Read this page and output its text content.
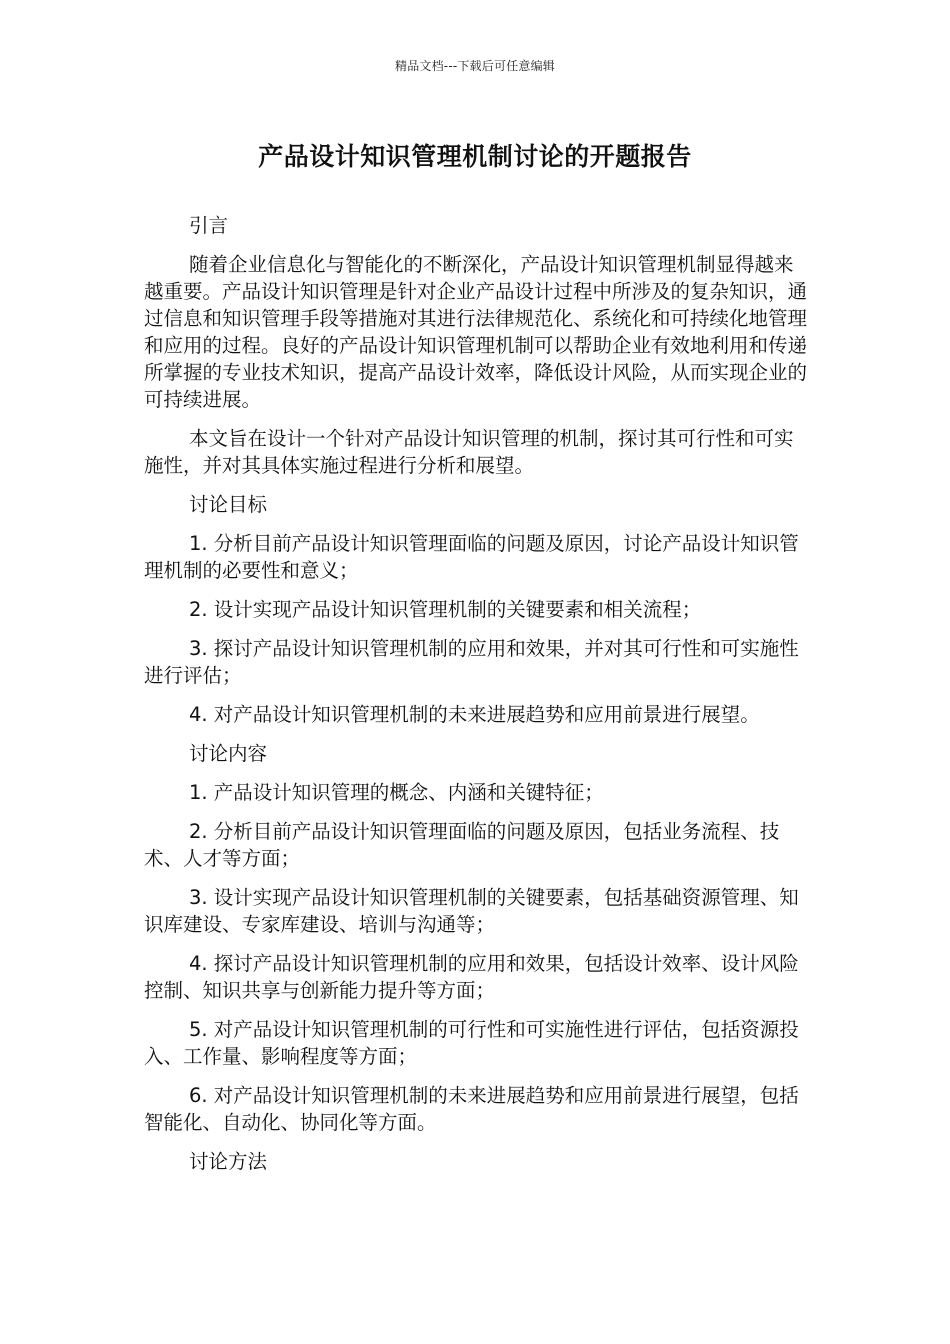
精品文档---下载后可任意编辑
产品设计知识管理机制讨论的开题报告

引言

随着企业信息化与智能化的不断深化，产品设计知识管理机制显得越来越重要。产品设计知识管理是针对企业产品设计过程中所涉及的复杂知识，通过信息和知识管理手段等措施对其进行法律规范化、系统化和可持续化地管理和应用的过程。良好的产品设计知识管理机制可以帮助企业有效地利用和传递所掌握的专业技术知识，提高产品设计效率，降低设计风险，从而实现企业的可持续进展。

本文旨在设计一个针对产品设计知识管理的机制，探讨其可行性和可实施性，并对其具体实施过程进行分析和展望。

讨论目标

1. 分析目前产品设计知识管理面临的问题及原因，讨论产品设计知识管理机制的必要性和意义；

2. 设计实现产品设计知识管理机制的关键要素和相关流程；

3. 探讨产品设计知识管理机制的应用和效果，并对其可行性和可实施性进行评估；

4. 对产品设计知识管理机制的未来进展趋势和应用前景进行展望。

讨论内容

1. 产品设计知识管理的概念、内涵和关键特征；

2. 分析目前产品设计知识管理面临的问题及原因，包括业务流程、技术、人才等方面；

3. 设计实现产品设计知识管理机制的关键要素，包括基础资源管理、知识库建设、专家库建设、培训与沟通等；

4. 探讨产品设计知识管理机制的应用和效果，包括设计效率、设计风险控制、知识共享与创新能力提升等方面；

5. 对产品设计知识管理机制的可行性和可实施性进行评估，包括资源投入、工作量、影响程度等方面；

6. 对产品设计知识管理机制的未来进展趋势和应用前景进行展望，包括智能化、自动化、协同化等方面。

讨论方法
